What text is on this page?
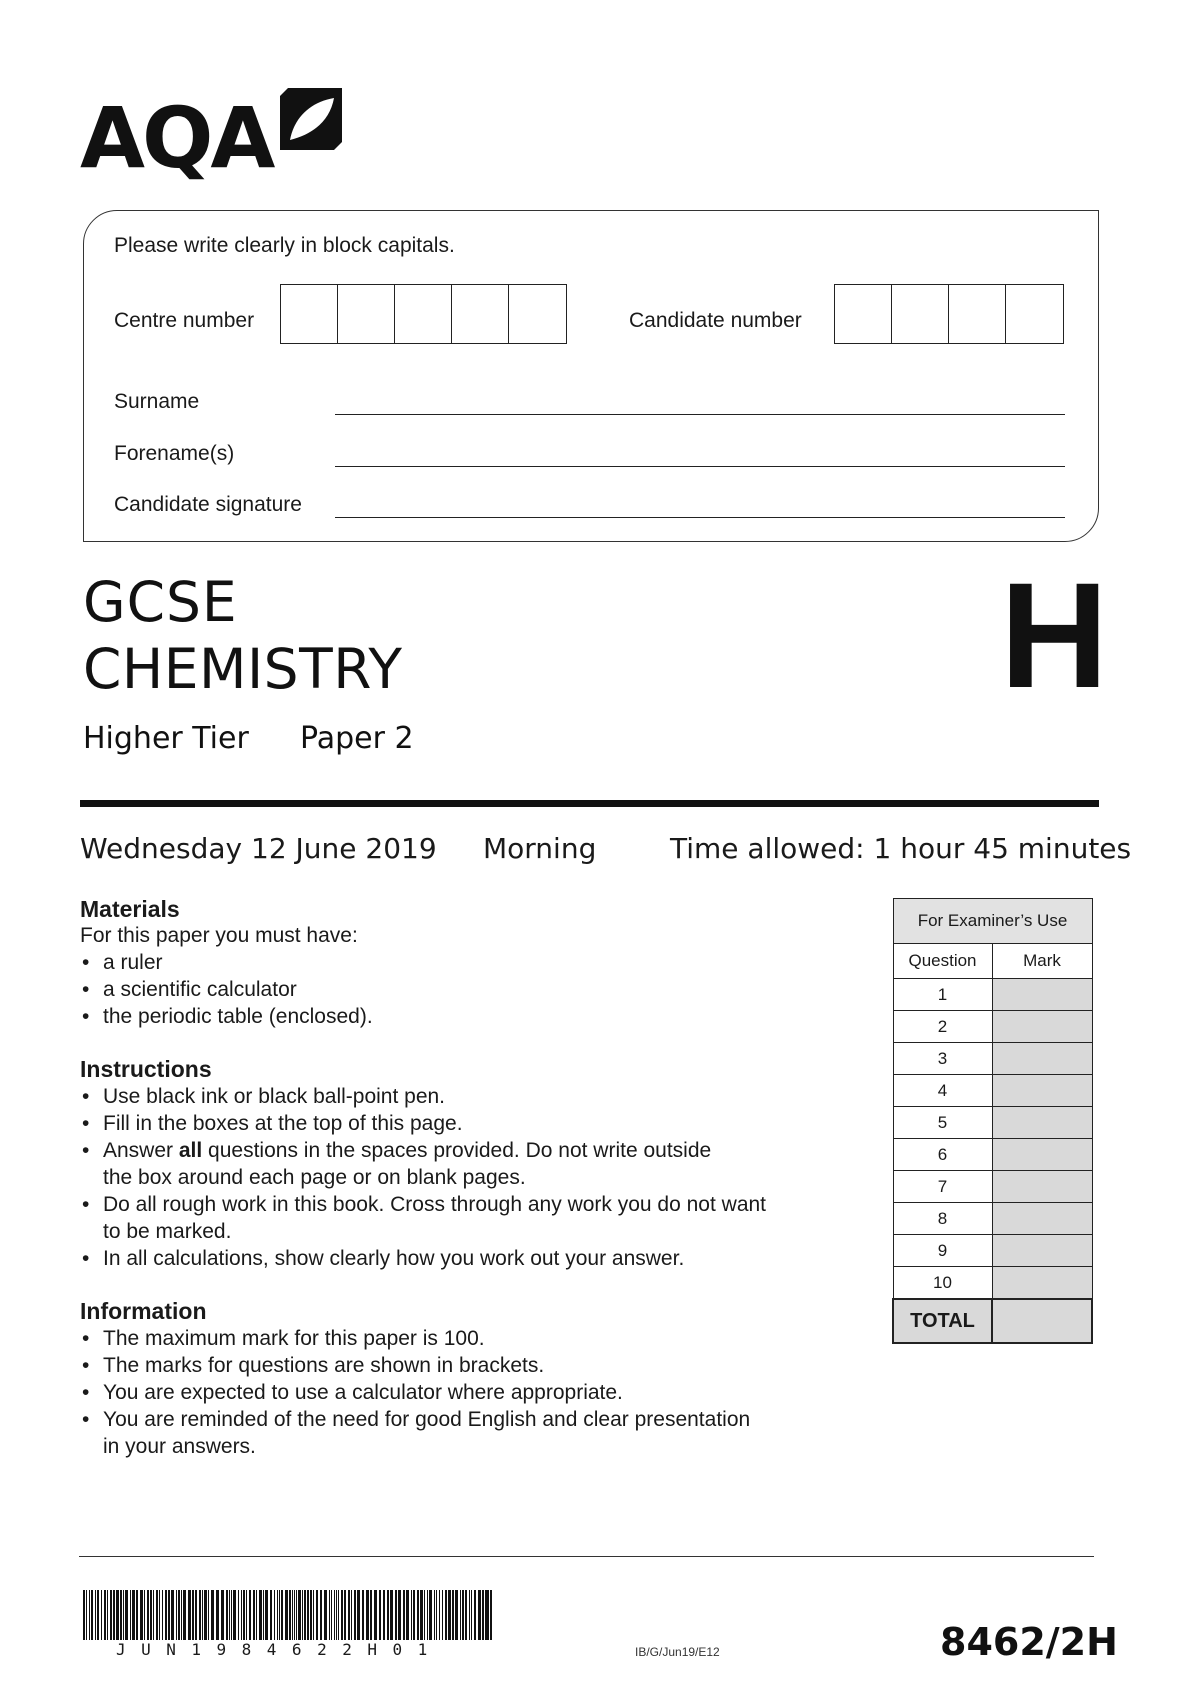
AQA
Please write clearly in block capitals.
Centre number	Candidate number
Surname
Forename(s)
Candidate signature
GCSE
CHEMISTRY
Higher Tier Paper 2
H
Wednesday 12 June 2019 Morning	Time allowed: 1 hour 45 minutes
Materials
For this paper you must have:
• a ruler
• a scientific calculator
• the periodic table (enclosed).
Instructions
• Use black ink or black ball-point pen.
• Fill in the boxes at the top of this page.
• Answer all questions in the spaces provided. Do not write outside
the box around each page or on blank pages.
• Do all rough work in this book. Cross through any work you do not want
to be marked.
• In all calculations, show clearly how you work out your answer.
Information
• The maximum mark for this paper is 100.
• The marks for questions are shown in brackets.
• You are expected to use a calculator where appropriate.
• You are reminded of the need for good English and clear presentation
in your answers.
For Examiner’s Use	
Question	Mark
1	
2	
3	
4	
5	
6	
7	
8	
9	
10	
TOTAL	
JUN1984622H01	IB/G/Jun19/E12	8462/2H
